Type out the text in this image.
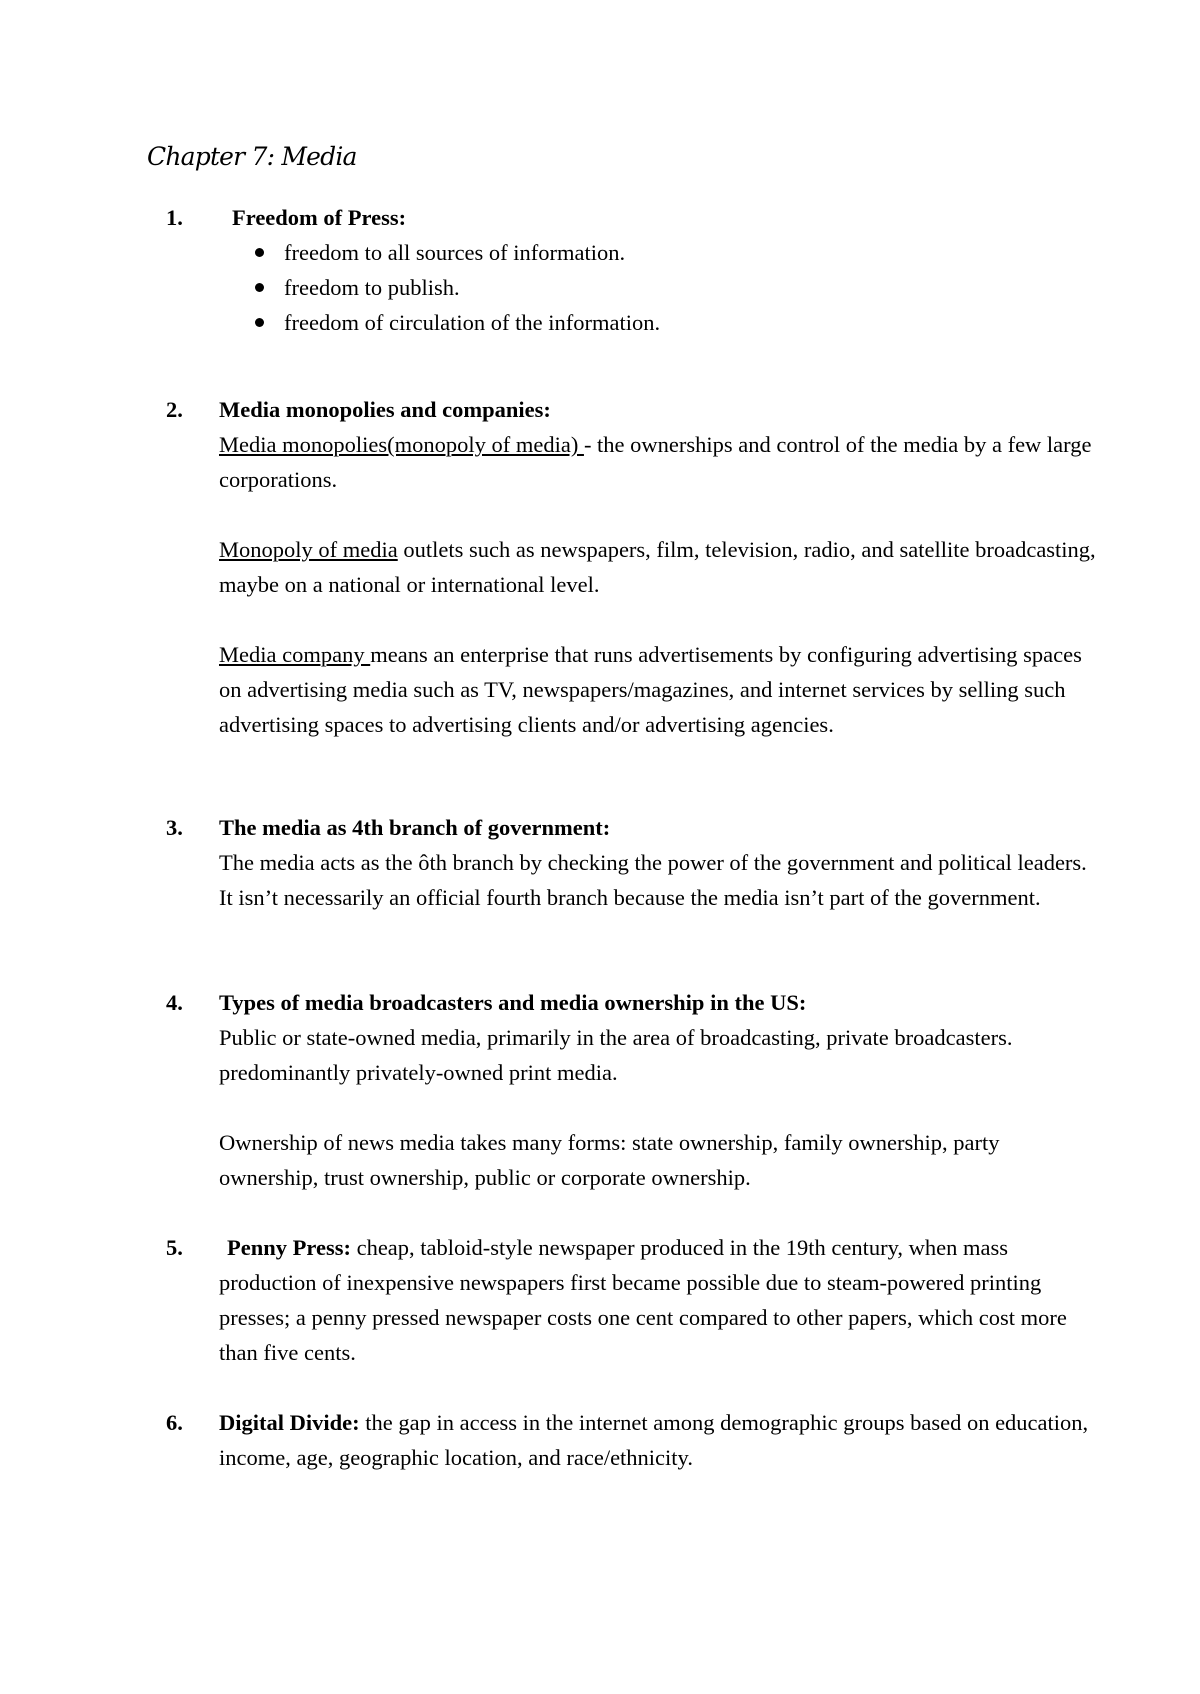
Chapter 7: Media
1. Freedom of Press:
freedom to all sources of information.
freedom to publish.
freedom of circulation of the information.
2. Media monopolies and companies:

Media monopolies(monopoly of media) - the ownerships and control of the media by a few large corporations.

Monopoly of media outlets such as newspapers, film, television, radio, and satellite broadcasting, maybe on a national or international level.

Media company means an enterprise that runs advertisements by configuring advertising spaces on advertising media such as TV, newspapers/magazines, and internet services by selling such advertising spaces to advertising clients and/or advertising agencies.

3. The media as 4th branch of government:

The media acts as the ôth branch by checking the power of the government and political leaders. It isn’t necessarily an official fourth branch because the media isn’t part of the government.

4. Types of media broadcasters and media ownership in the US:

Public or state-owned media, primarily in the area of broadcasting, private broadcasters. predominantly privately-owned print media.

Ownership of news media takes many forms: state ownership, family ownership, party ownership, trust ownership, public or corporate ownership.

5.	Penny Press: cheap, tabloid-style newspaper produced in the 19th century, when mass production of inexpensive newspapers first became possible due to steam-powered printing presses; a penny pressed newspaper costs one cent compared to other papers, which cost more than five cents.

6. Digital Divide: the gap in access in the internet among demographic groups based on education, income, age, geographic location, and race/ethnicity.
